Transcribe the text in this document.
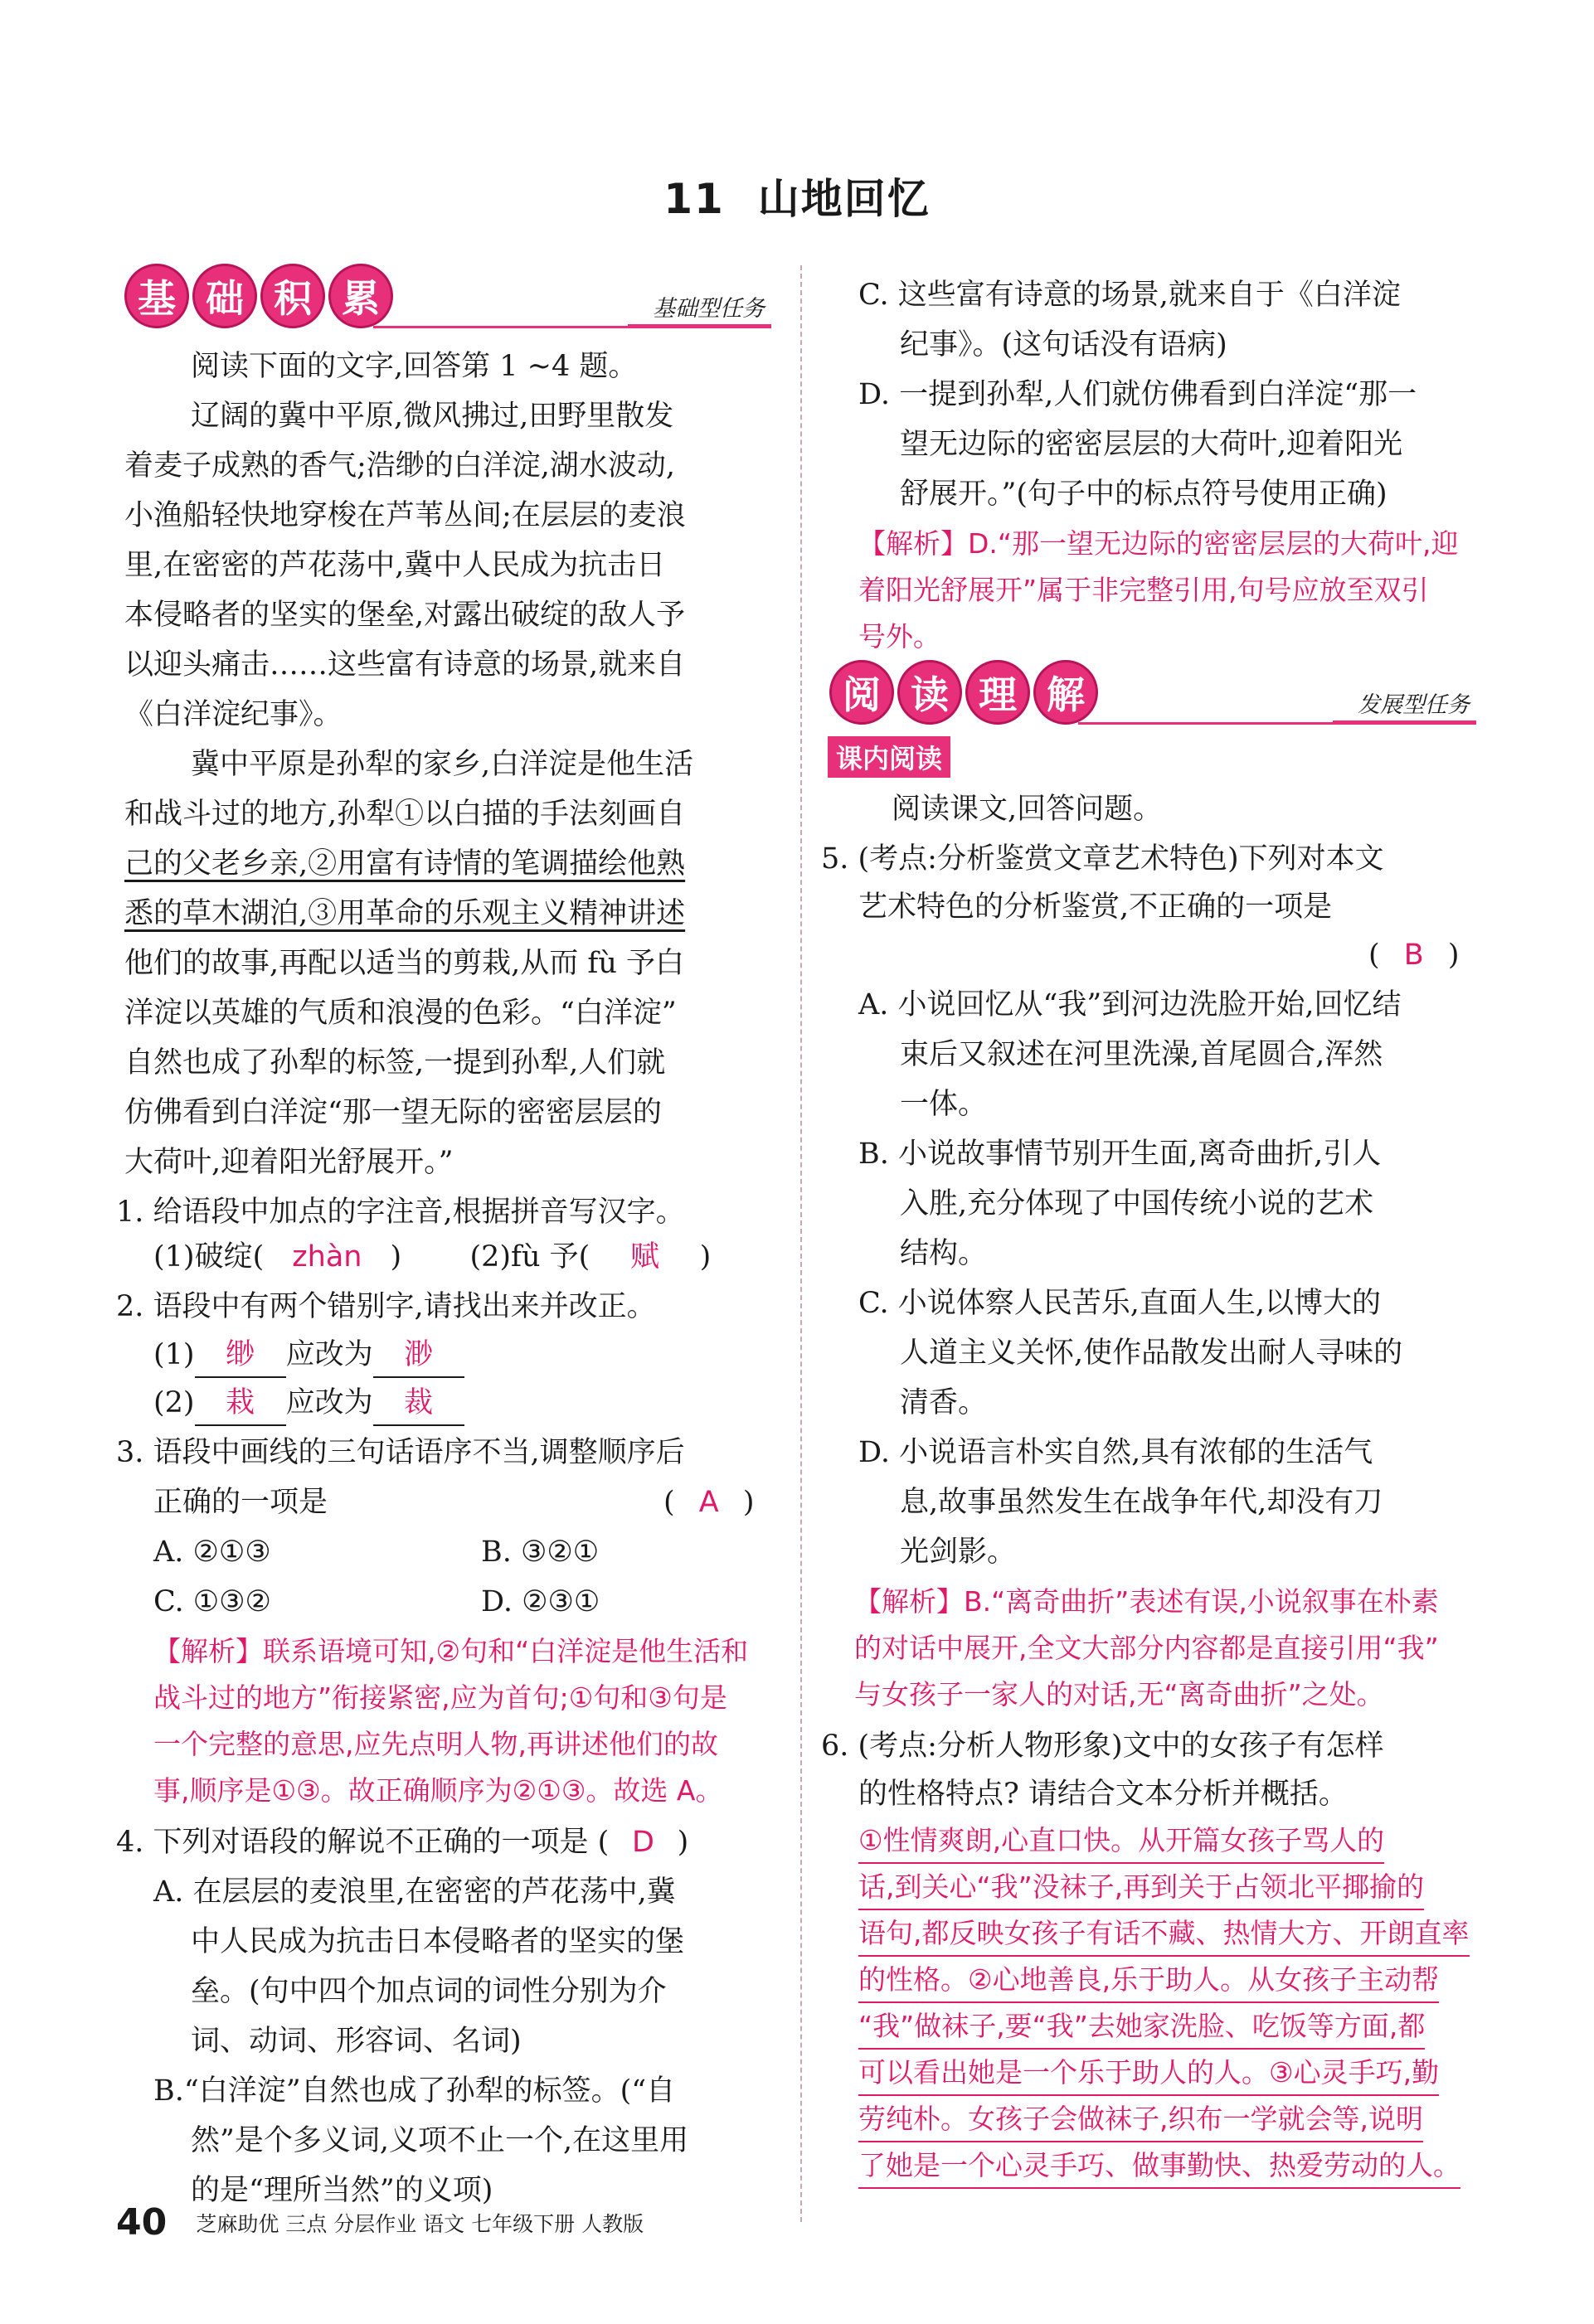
11 山地回忆
基 础 积 累	基础型任务
阅读下面的文字,回答第 1 ~4 题。
辽阔的冀中平原,微风拂过,田野里散发
着麦子成熟的香气;浩缈的白洋淀,湖水波动,
小渔船轻快地穿梭在芦苇丛间;在层层的麦浪
里,在密密的芦花荡中,冀中人民成为抗击日
本侵略者的坚实的堡垒,对露出破绽的敌人予
以迎头痛击……这些富有诗意的场景,就来自
《白洋淀纪事》。
冀中平原是孙犁的家乡,白洋淀是他生活
和战斗过的地方,孙犁①以白描的手法刻画自
己的父老乡亲,②用富有诗情的笔调描绘他熟
悉的草木湖泊,③用革命的乐观主义精神讲述
他们的故事,再配以适当的剪栽,从而 fù 予白
洋淀以英雄的气质和浪漫的色彩。“白洋淀”
自然也成了孙犁的标签,一提到孙犁,人们就
仿佛看到白洋淀“那一望无际的密密层层的
大荷叶,迎着阳光舒展开。”
1. 给语段中加点的字注音,根据拼音写汉字。
(1)破绽( zhàn ) (2)fù 予( 赋 )
2. 语段中有两个错别字,请找出来并改正。
(1) 缈 应改为 渺
(2) 栽 应改为 裁
3. 语段中画线的三句话语序不当,调整顺序后
正确的一项是	( A )
A. ②①③	B. ③②①
C. ①③②	D. ②③①
【解析】联系语境可知,②句和“白洋淀是他生活和
战斗过的地方”衔接紧密,应为首句;①句和③句是
一个完整的意思,应先点明人物,再讲述他们的故
事,顺序是①③。故正确顺序为②①③。故选 A。
4. 下列对语段的解说不正确的一项是 ( D )
A. 在层层的麦浪里,在密密的芦花荡中,冀
中人民成为抗击日本侵略者的坚实的堡
垒。(句中四个加点词的词性分别为介
词、动词、形容词、名词)
B.“白洋淀”自然也成了孙犁的标签。(“自
然”是个多义词,义项不止一个,在这里用
的是“理所当然”的义项)
C. 这些富有诗意的场景,就来自于《白洋淀
纪事》。(这句话没有语病)
D. 一提到孙犁,人们就仿佛看到白洋淀“那一
望无边际的密密层层的大荷叶,迎着阳光
舒展开。”(句子中的标点符号使用正确)
【解析】D.“那一望无边际的密密层层的大荷叶,迎
着阳光舒展开”属于非完整引用,句号应放至双引
号外。
阅 读 理 解	发展型任务
课内阅读
阅读课文,回答问题。
5. (考点:分析鉴赏文章艺术特色)下列对本文
艺术特色的分析鉴赏,不正确的一项是
( B )
A. 小说回忆从“我”到河边洗脸开始,回忆结
束后又叙述在河里洗澡,首尾圆合,浑然
一体。
B. 小说故事情节别开生面,离奇曲折,引人
入胜,充分体现了中国传统小说的艺术
结构。
C. 小说体察人民苦乐,直面人生,以博大的
人道主义关怀,使作品散发出耐人寻味的
清香。
D. 小说语言朴实自然,具有浓郁的生活气
息,故事虽然发生在战争年代,却没有刀
光剑影。
【解析】B.“离奇曲折”表述有误,小说叙事在朴素
的对话中展开,全文大部分内容都是直接引用“我”
与女孩子一家人的对话,无“离奇曲折”之处。
6. (考点:分析人物形象)文中的女孩子有怎样
的性格特点? 请结合文本分析并概括。
①性情爽朗,心直口快。从开篇女孩子骂人的
话,到关心“我”没袜子,再到关于占领北平揶揄的
语句,都反映女孩子有话不藏、热情大方、开朗直率
的性格。②心地善良,乐于助人。从女孩子主动帮
“我”做袜子,要“我”去她家洗脸、吃饭等方面,都
可以看出她是一个乐于助人的人。③心灵手巧,勤
劳纯朴。女孩子会做袜子,织布一学就会等,说明
了她是一个心灵手巧、做事勤快、热爱劳动的人。
40 芝麻助优 三点 分层作业 语文 七年级下册 人教版
